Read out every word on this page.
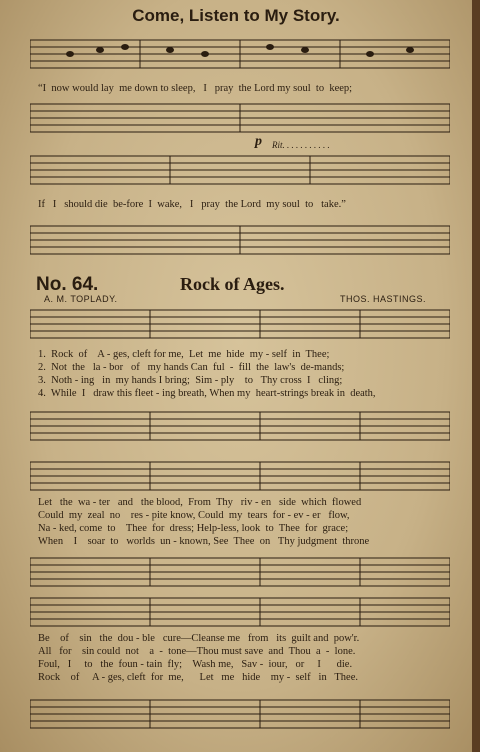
Come, Listen to My Story.
“I  now would lay  me down to sleep,   I   pray  the Lord my soul  to  keep;
p Rit. . . . . . . . . . .
If   I   should die  be-fore  I  wake,   I   pray  the Lord  my soul  to   take.”
No. 64.	Rock of Ages.
A. M. TOPLADY.	THOS. HASTINGS.
1.  Rock  of    A - ges, cleft for me,  Let  me  hide  my - self  in  Thee;
2.  Not  the   la - bor   of   my hands Can  ful  -  fill  the  law's  de-mands;
3.  Noth - ing   in  my hands I bring;  Sim - ply    to   Thy cross  I   cling;
4.  While  I   draw this fleet - ing breath, When my  heart-strings break in  death,
Let   the  wa - ter   and   the blood,  From  Thy   riv - en   side  which  flowed
Could  my  zeal  no    res - pite know, Could  my  tears  for - ev - er   flow,
Na - ked, come  to    Thee  for  dress; Help-less, look  to  Thee  for  grace;
When    I    soar  to   worlds  un - known, See  Thee  on   Thy judgment  throne
Be    of    sin   the  dou - ble   cure—Cleanse me   from   its  guilt and  pow'r.
All   for    sin could  not    a  -  tone—Thou must save  and  Thou  a  -  lone.
Foul,   I     to   the  foun - tain  fly;    Wash me,   Sav -  iour,   or     I      die.
Rock    of     A - ges, cleft  for  me,      Let   me   hide    my -  self   in   Thee.
